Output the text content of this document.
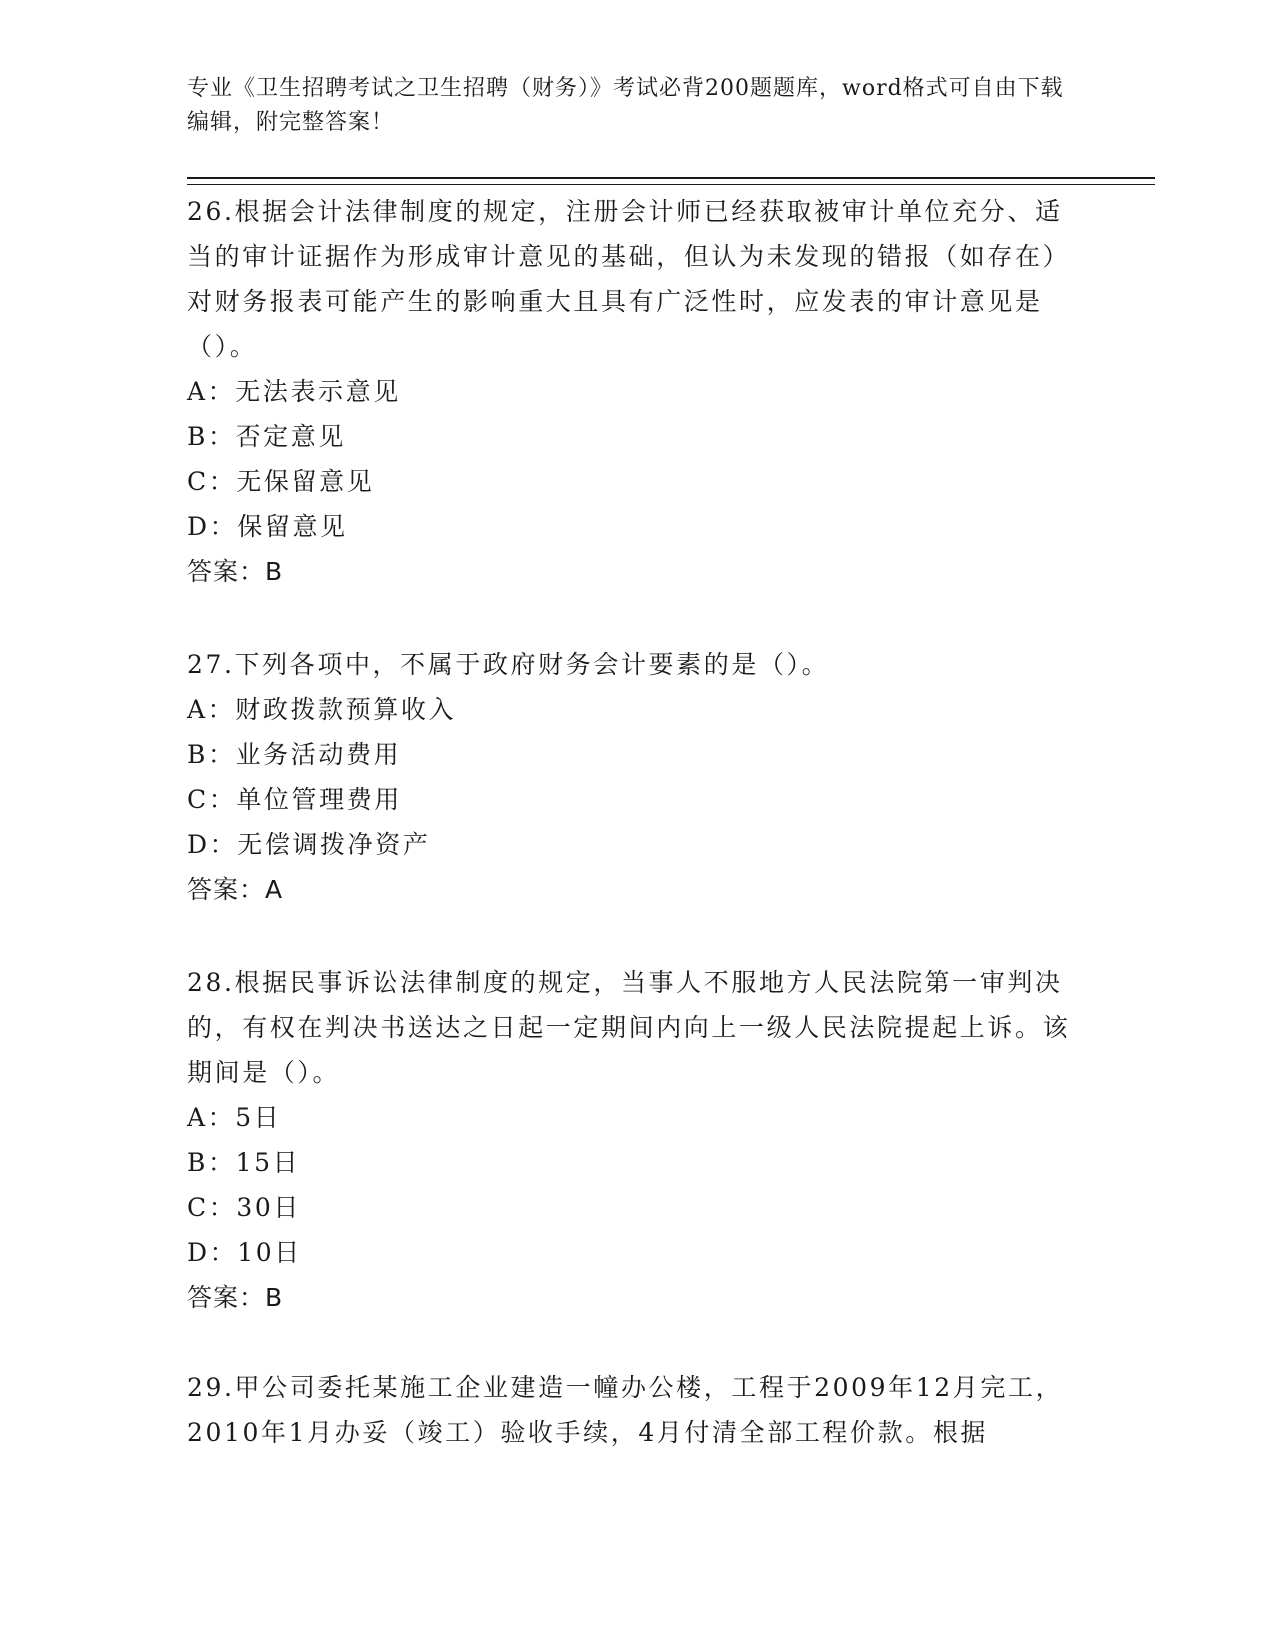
专业《卫生招聘考试之卫生招聘（财务）》考试必背200题题库，word格式可自由下载编辑，附完整答案！
26.根据会计法律制度的规定，注册会计师已经获取被审计单位充分、适当的审计证据作为形成审计意见的基础，但认为未发现的错报（如存在）对财务报表可能产生的影响重大且具有广泛性时，应发表的审计意见是（）。
A：无法表示意见
B：否定意见
C：无保留意见
D：保留意见
答案：B
27.下列各项中，不属于政府财务会计要素的是（）。
A：财政拨款预算收入
B：业务活动费用
C：单位管理费用
D：无偿调拨净资产
答案：A
28.根据民事诉讼法律制度的规定，当事人不服地方人民法院第一审判决的，有权在判决书送达之日起一定期间内向上一级人民法院提起上诉。该期间是（）。
A：5日
B：15日
C：30日
D：10日
答案：B
29.甲公司委托某施工企业建造一幢办公楼，工程于2009年12月完工，2010年1月办妥（竣工）验收手续，4月付清全部工程价款。根据
